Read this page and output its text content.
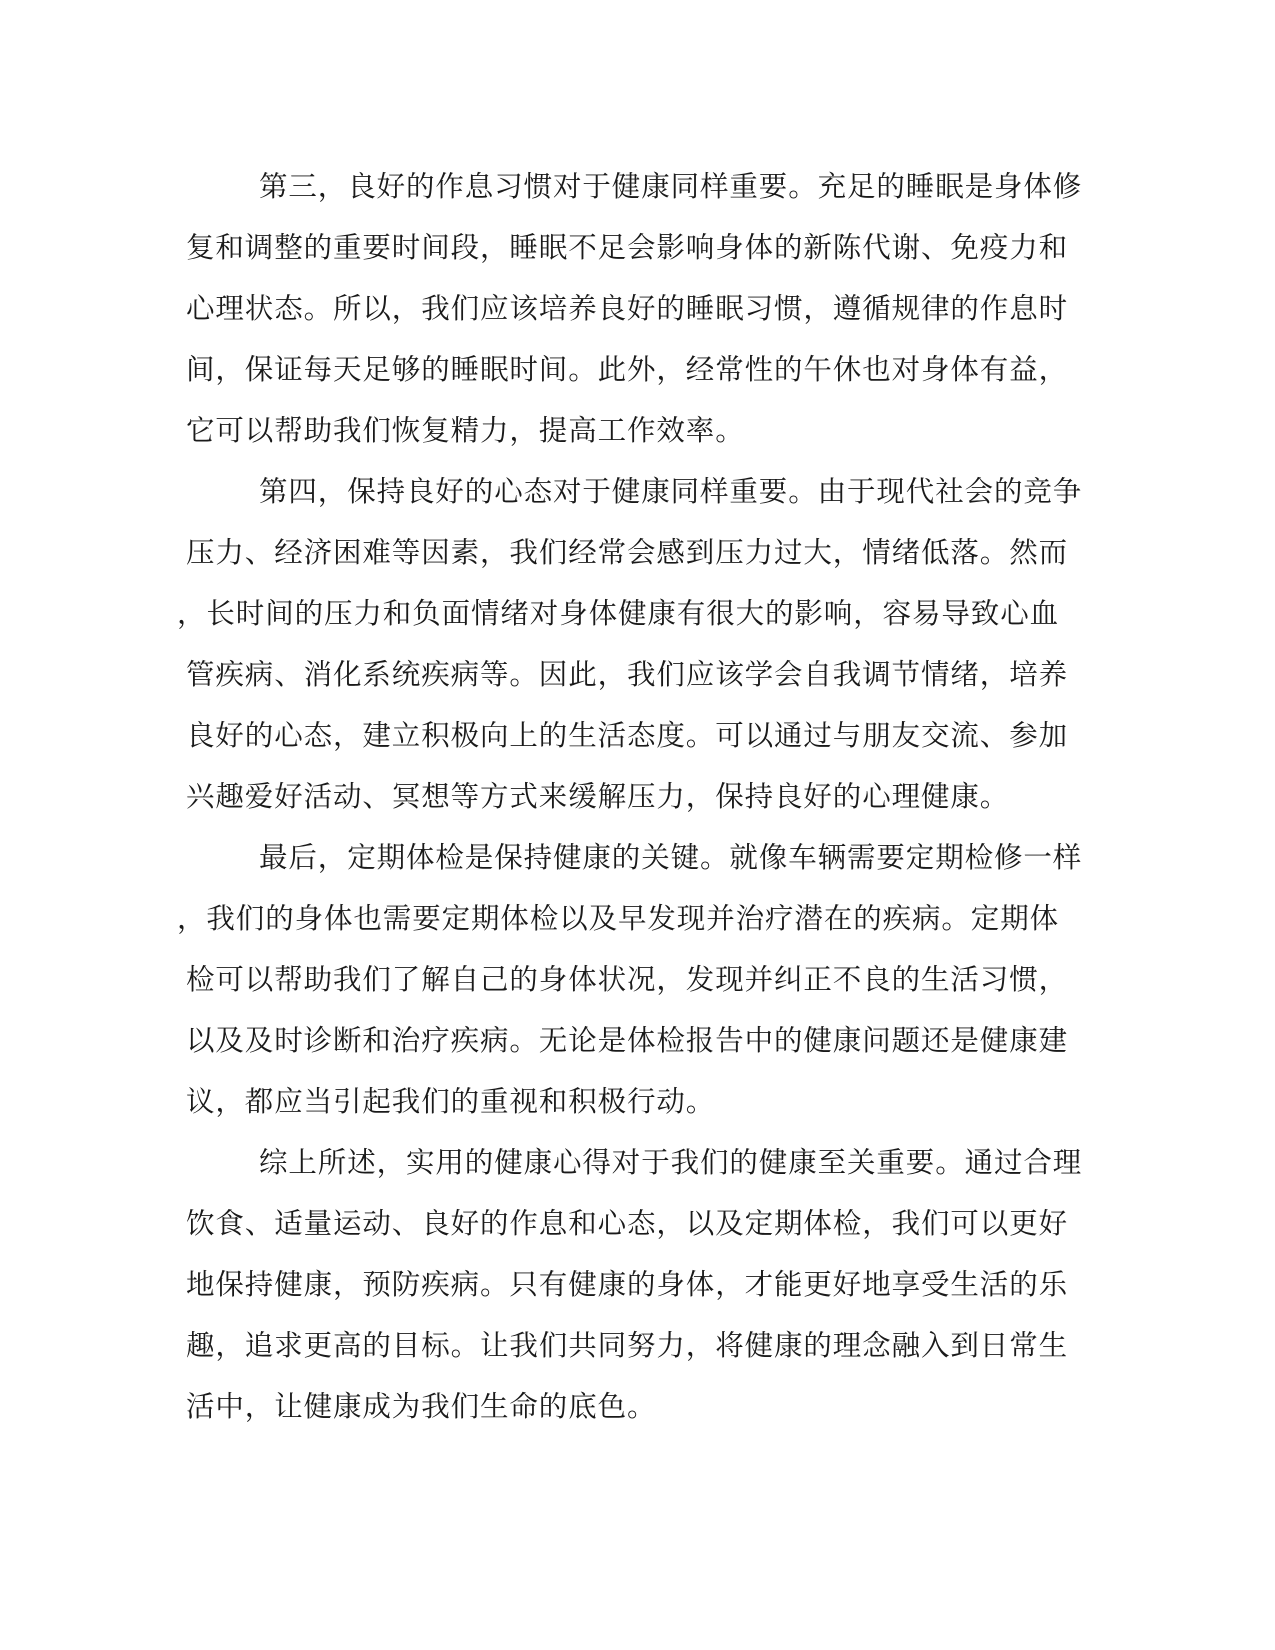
第三，良好的作息习惯对于健康同样重要。充足的睡眠是身体修
复和调整的重要时间段，睡眠不足会影响身体的新陈代谢、免疫力和
心理状态。所以，我们应该培养良好的睡眠习惯，遵循规律的作息时
间，保证每天足够的睡眠时间。此外，经常性的午休也对身体有益，
它可以帮助我们恢复精力，提高工作效率。

第四，保持良好的心态对于健康同样重要。由于现代社会的竞争
压力、经济困难等因素，我们经常会感到压力过大，情绪低落。然而
，长时间的压力和负面情绪对身体健康有很大的影响，容易导致心血
管疾病、消化系统疾病等。因此，我们应该学会自我调节情绪，培养
良好的心态，建立积极向上的生活态度。可以通过与朋友交流、参加
兴趣爱好活动、冥想等方式来缓解压力，保持良好的心理健康。

最后，定期体检是保持健康的关键。就像车辆需要定期检修一样
，我们的身体也需要定期体检以及早发现并治疗潜在的疾病。定期体
检可以帮助我们了解自己的身体状况，发现并纠正不良的生活习惯，
以及及时诊断和治疗疾病。无论是体检报告中的健康问题还是健康建
议，都应当引起我们的重视和积极行动。

综上所述，实用的健康心得对于我们的健康至关重要。通过合理
饮食、适量运动、良好的作息和心态，以及定期体检，我们可以更好
地保持健康，预防疾病。只有健康的身体，才能更好地享受生活的乐
趣，追求更高的目标。让我们共同努力，将健康的理念融入到日常生
活中，让健康成为我们生命的底色。
